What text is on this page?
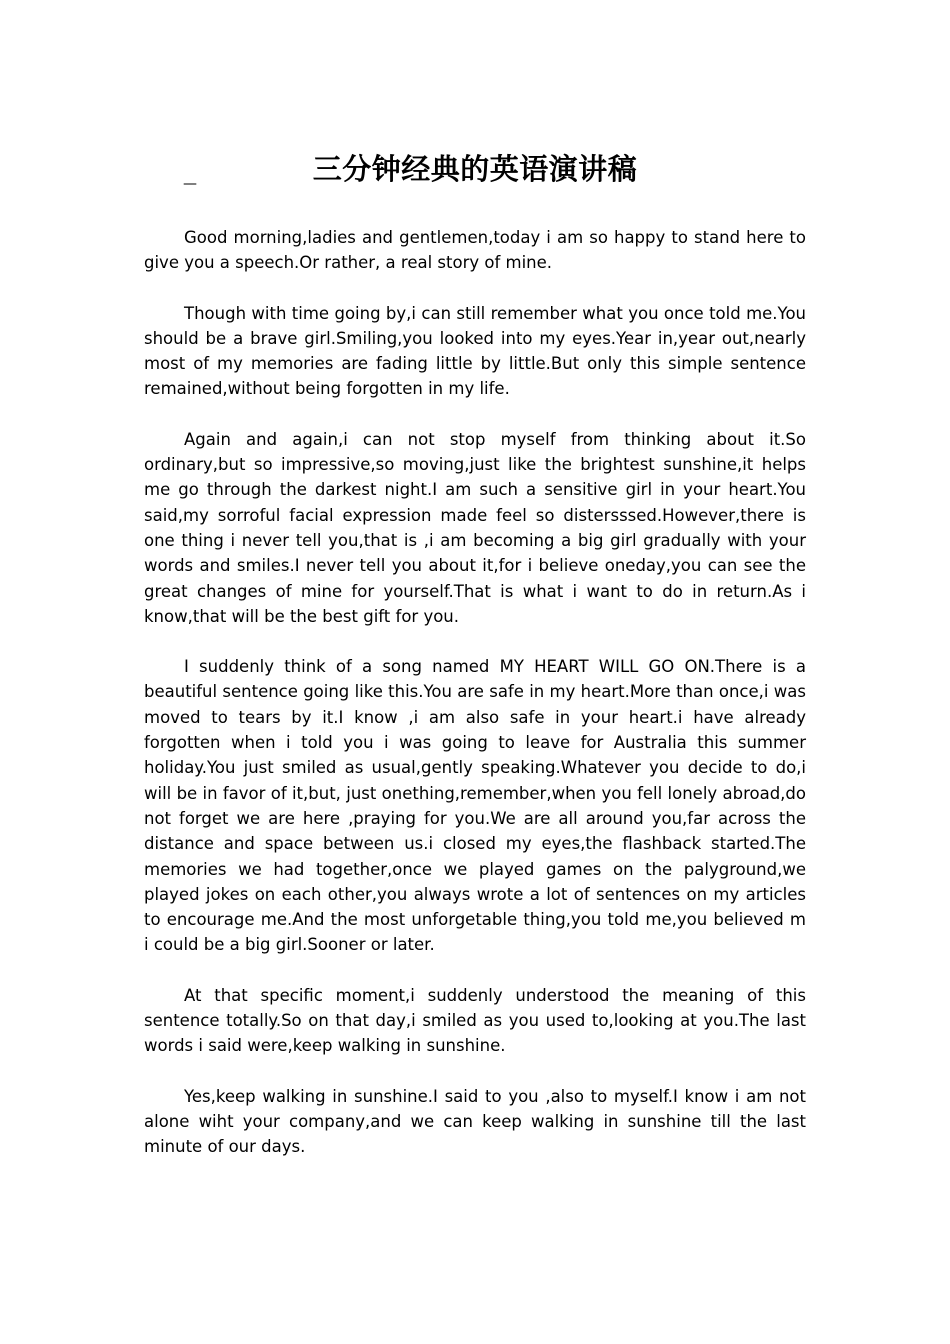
三分钟经典的英语演讲稿
—

Good morning,ladies and gentlemen,today i am so happy to stand here to give you a speech.Or rather, a real story of mine.

Though with time going by,i can still remember what you once told me.You should be a brave girl.Smiling,you looked into my eyes.Year in,year out,nearly most of my memories are fading little by little.But only this simple sentence remained,without being forgotten in my life.

Again and again,i can not stop myself from thinking about it.So ordinary,but so impressive,so moving,just like the brightest sunshine,it helps me go through the darkest night.I am such a sensitive girl in your heart.You said,my sorroful facial expression made feel so distersssed.However,there is one thing i never tell you,that is ,i am becoming a big girl gradually with your words and smiles.I never tell you about it,for i believe oneday,you can see the great changes of mine for yourself.That is what i want to do in return.As i know,that will be the best gift for you.

I suddenly think of a song named MY HEART WILL GO ON.There is a beautiful sentence going like this.You are safe in my heart.More than once,i was moved to tears by it.I know ,i am also safe in your heart.i have already forgotten when i told you i was going to leave for Australia this summer holiday.You just smiled as usual,gently speaking.Whatever you decide to do,i will be in favor of it,but, just onething,remember,when you fell lonely abroad,do not forget we are here ,praying for you.We are all around you,far across the distance and space between us.i closed my eyes,the flashback started.The memories we had together,once we played games on the palyground,we played jokes on each other,you always wrote a lot of sentences on my articles to encourage me.And the most unforgetable thing,you told me,you believed m i could be a big girl.Sooner or later.

At that specific moment,i suddenly understood the meaning of this sentence totally.So on that day,i smiled as you used to,looking at you.The last words i said were,keep walking in sunshine.

Yes,keep walking in sunshine.I said to you ,also to myself.I know i am not alone wiht your company,and we can keep walking in sunshine till the last minute of our days.
